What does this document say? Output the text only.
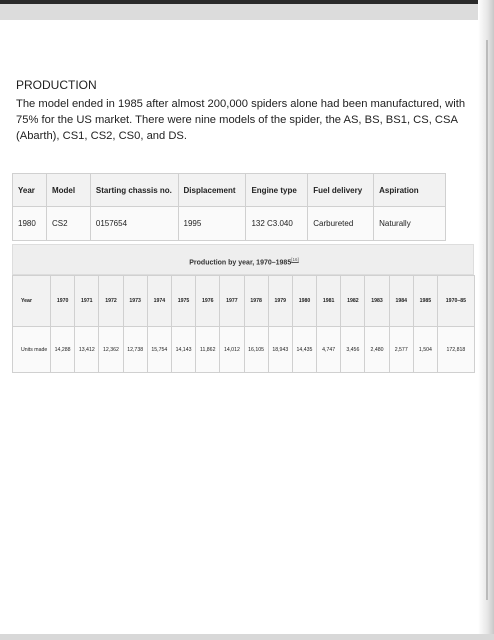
PRODUCTION
The model ended in 1985 after almost 200,000 spiders alone had been manufactured, with 75% for the US market. There were nine models of the spider, the AS, BS, BS1, CS, CSA (Abarth), CS1, CS2, CS0, and DS.
Year	Model	Starting chassis no.	Displacement	Engine type	Fuel delivery	Aspiration
1980	CS2	0157654	1995	132 C3.040	Carbureted	Naturally
Production by year, 1970–1985[16]
Year	1970	1971	1972	1973	1974	1975	1976	1977	1978	1979	1980	1981	1982	1983	1984	1985	1970–85
Units made	14,288	13,412	12,362	12,738	15,754	14,143	11,862	14,012	16,105	18,943	14,435	4,747	3,456	2,480	2,577	1,504	172,818
